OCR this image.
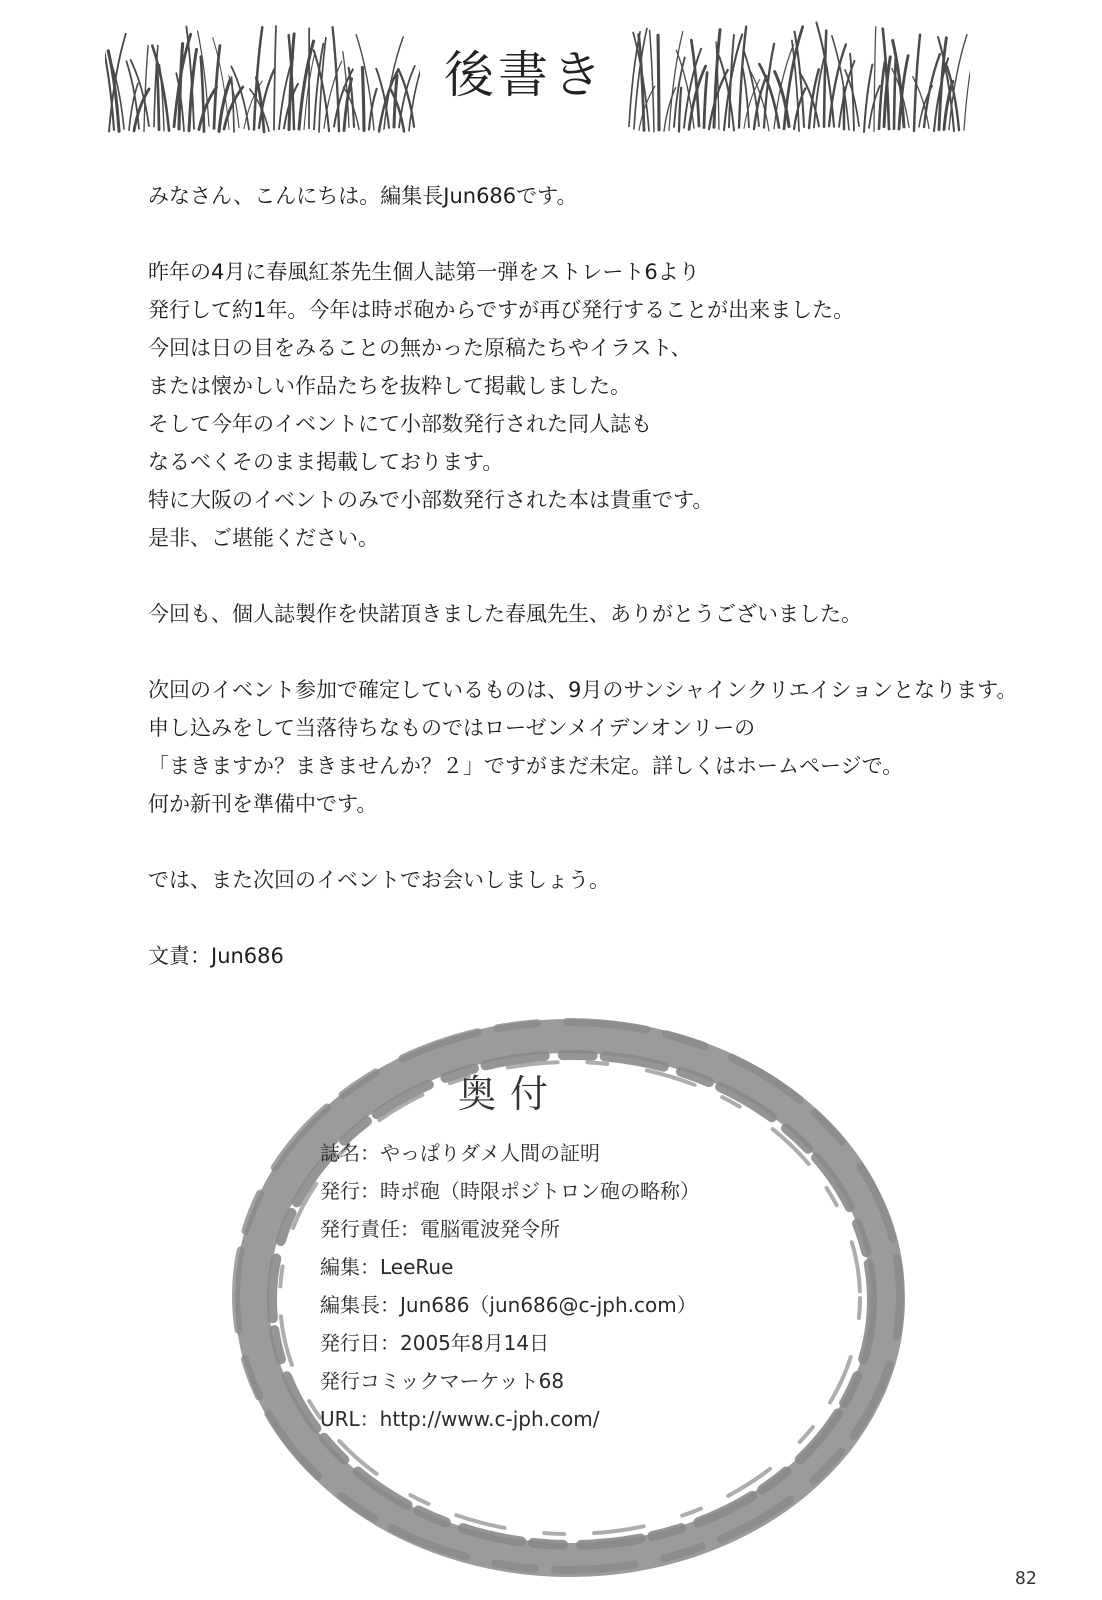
後書き
みなさん、こんにちは。編集長Jun686です。
昨年の4月に春風紅茶先生個人誌第一弾をストレート6より
発行して約1年。今年は時ポ砲からですが再び発行することが出来ました。
今回は日の目をみることの無かった原稿たちやイラスト、
または懐かしい作品たちを抜粋して掲載しました。
そして今年のイベントにて小部数発行された同人誌も
なるべくそのまま掲載しております。
特に大阪のイベントのみで小部数発行された本は貴重です。
是非、ご堪能ください。
今回も、個人誌製作を快諾頂きました春風先生、ありがとうございました。
次回のイベント参加で確定しているものは、9月のサンシャインクリエイションとなります。
申し込みをして当落待ちなものではローゼンメイデンオンリーの
「まきますか？まきませんか？２」ですがまだ未定。詳しくはホームページで。
何か新刊を準備中です。
では、また次回のイベントでお会いしましょう。
文責：Jun686
奥付
誌名：やっぱりダメ人間の証明
発行：時ポ砲（時限ポジトロン砲の略称）
発行責任：電脳電波発令所
編集：LeeRue
編集長：Jun686（jun686@c-jph.com）
発行日：2005年8月14日
発行コミックマーケット68
URL：http://www.c-jph.com/
82
